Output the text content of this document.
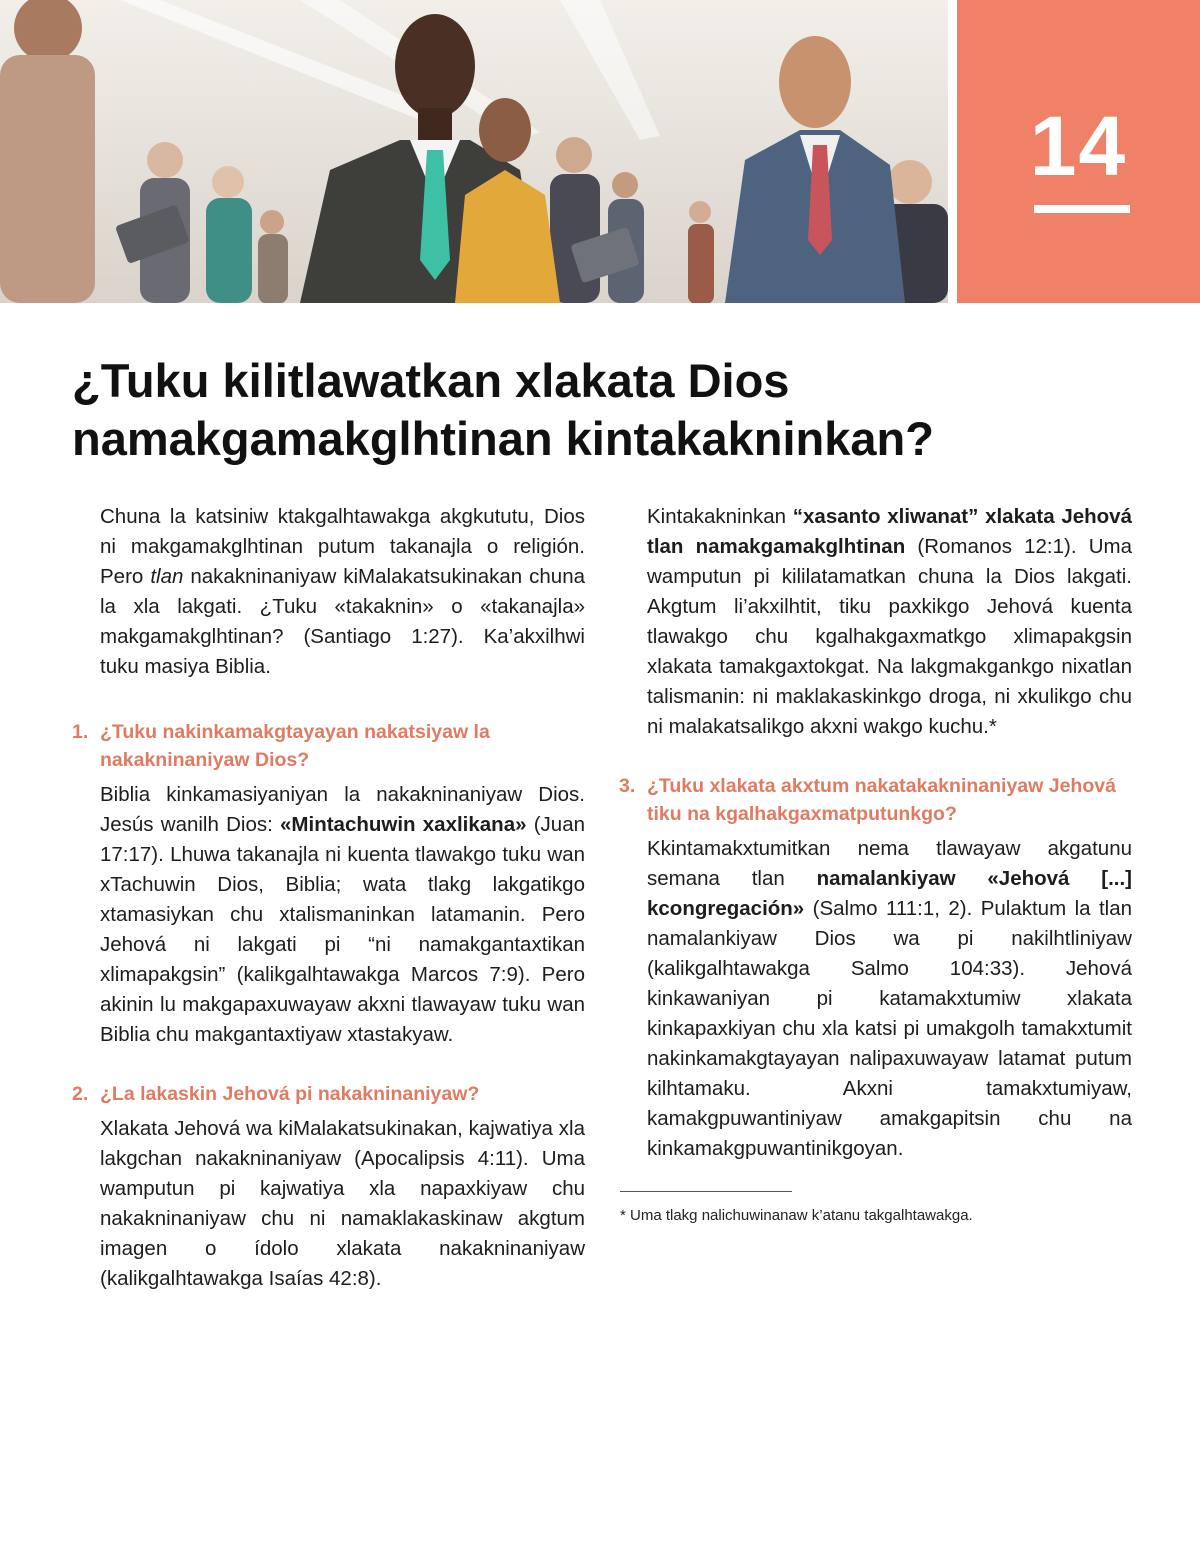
14
¿Tuku kilitlawatkan xlakata Dios namakgamakglhtinan kintakakninkan?

Chuna la katsiniw ktakgalhtawakga akgkututu, Dios ni makgamakglhtinan putum takanajla o religión. Pero tlan nakakninaniyaw kiMalakatsukinakan chuna la xla lakgati. ¿Tuku «takaknin» o «takanajla» makgamakglhtinan? (Santiago 1:27). Ka’akxilhwi tuku masiya Biblia.

1. ¿Tuku nakinkamakgtayayan nakatsiyaw la nakakninaniyaw Dios?

Biblia kinkamasiyaniyan la nakakninaniyaw Dios. Jesús wanilh Dios: «Mintachuwin xaxlikana» (Juan 17:17). Lhuwa takanajla ni kuenta tlawakgo tuku wan xTachuwin Dios, Biblia; wata tlakg lakgatikgo xtamasiykan chu xtalismaninkan latamanin. Pero Jehová ni lakgati pi “ni namakgantaxtikan xlimapakgsin” (kalikgalhtawakga Marcos 7:9). Pero akinin lu makgapaxuwayaw akxni tlawayaw tuku wan Biblia chu makgantaxtiyaw xtastakyaw.

2. ¿La lakaskin Jehová pi nakakninaniyaw?

Xlakata Jehová wa kiMalakatsukinakan, kajwatiya xla lakgchan nakakninaniyaw (Apocalipsis 4:11). Uma wamputun pi kajwatiya xla napaxkiyaw chu nakakninaniyaw chu ni namaklakaskinaw akgtum imagen o ídolo xlakata nakakninaniyaw (kalikgalhtawakga Isaías 42:8).

Kintakakninkan “xasanto xliwanat” xlakata Jehová tlan namakgamakglhtinan (Romanos 12:1). Uma wamputun pi kililatamatkan chuna la Dios lakgati. Akgtum li’akxilhtit, tiku paxkikgo Jehová kuenta tlawakgo chu kgalhakgaxmatkgo xlimapakgsin xlakata tamakgaxtokgat. Na lakgmakgankgo nixatlan talismanin: ni maklakaskinkgo droga, ni xkulikgo chu ni malakatsalikgo akxni wakgo kuchu.*

3. ¿Tuku xlakata akxtum nakatakakninaniyaw Jehová tiku na kgalhakgaxmatputunkgo?

Kkintamakxtumitkan nema tlawayaw akgatunu semana tlan namalankiyaw «Jehová [...] kcongregación» (Salmo 111:1, 2). Pulaktum la tlan namalankiyaw Dios wa pi nakilhtliniyaw (kalikgalhtawakga Salmo 104:33). Jehová kinkawaniyan pi katamakxtumiw xlakata kinkapaxkiyan chu xla katsi pi umakgolh tamakxtumit nakinkamakgtayayan nalipaxuwayaw latamat putum kilhtamaku. Akxni tamakxtumiyaw, kamakgpuwantiniyaw amakgapitsin chu na kinkamakgpuwantinikgoyan.

* Uma tlakg nalichuwinanaw k’atanu takgalhtawakga.
